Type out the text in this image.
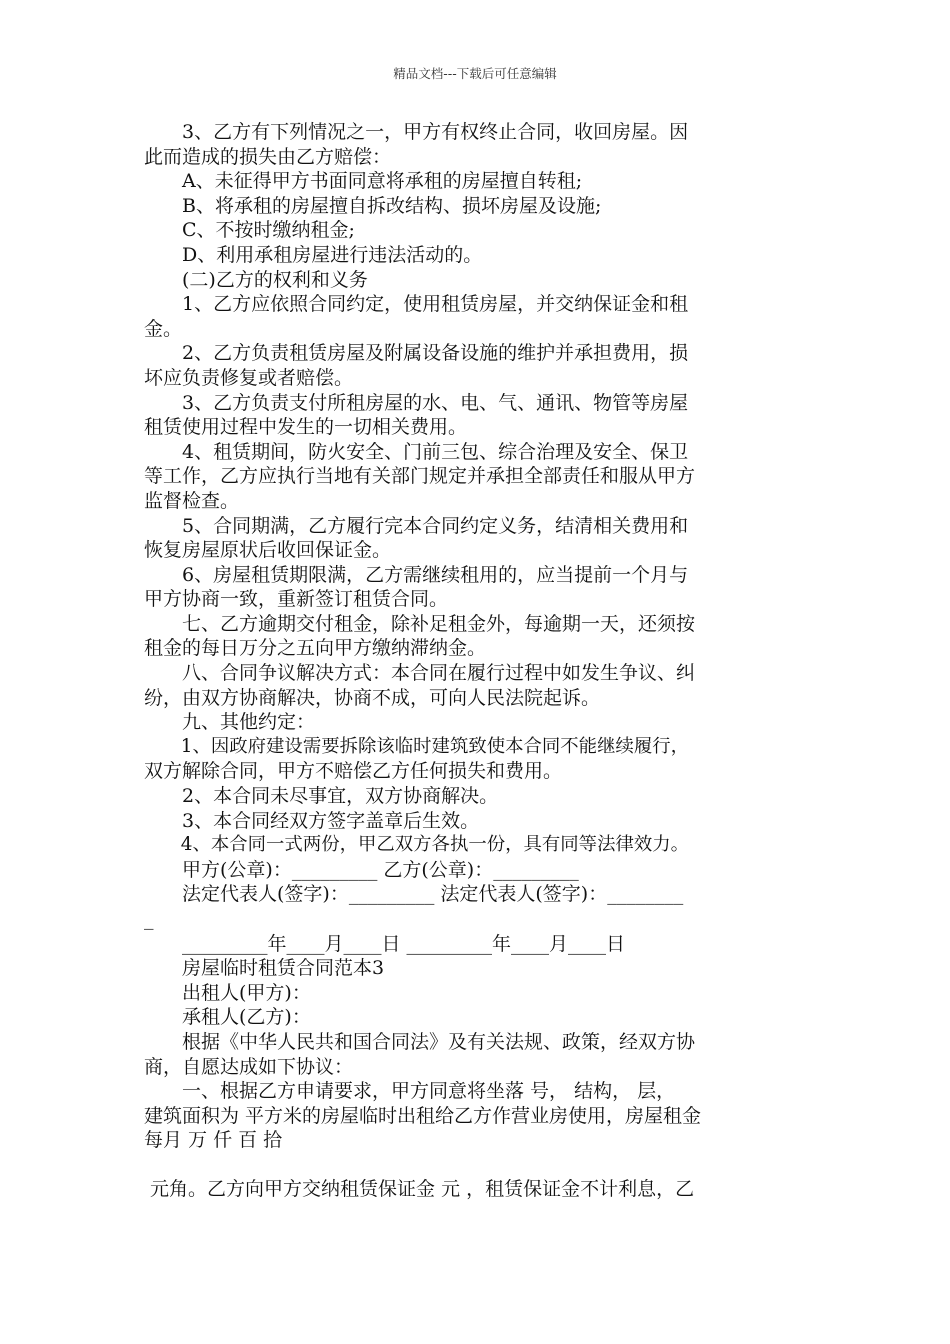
精品文档---下载后可任意编辑
　　3、乙方有下列情况之一，甲方有权终止合同，收回房屋。因
此而造成的损失由乙方赔偿：
　　A、未征得甲方书面同意将承租的房屋擅自转租;
　　B、将承租的房屋擅自拆改结构、损坏房屋及设施;
　　C、不按时缴纳租金;
　　D、利用承租房屋进行违法活动的。
　　(二)乙方的权利和义务
　　1、乙方应依照合同约定，使用租赁房屋，并交纳保证金和租
金。
　　2、乙方负责租赁房屋及附属设备设施的维护并承担费用，损
坏应负责修复或者赔偿。
　　3、乙方负责支付所租房屋的水、电、气、通讯、物管等房屋
租赁使用过程中发生的一切相关费用。
　　4、租赁期间，防火安全、门前三包、综合治理及安全、保卫
等工作，乙方应执行当地有关部门规定并承担全部责任和服从甲方
监督检查。
　　5、合同期满，乙方履行完本合同约定义务，结清相关费用和
恢复房屋原状后收回保证金。
　　6、房屋租赁期限满，乙方需继续租用的，应当提前一个月与
甲方协商一致，重新签订租赁合同。
　　七、乙方逾期交付租金，除补足租金外，每逾期一天，还须按
租金的每日万分之五向甲方缴纳滞纳金。
　　八、合同争议解决方式：本合同在履行过程中如发生争议、纠
纷，由双方协商解决，协商不成，可向人民法院起诉。
　　九、其他约定：
　　1、因政府建设需要拆除该临时建筑致使本合同不能继续履行，
双方解除合同，甲方不赔偿乙方任何损失和费用。
　　2、本合同未尽事宜，双方协商解决。
　　3、本合同经双方签字盖章后生效。
　　4、本合同一式两份，甲乙双方各执一份，具有同等法律效力。
　　甲方(公章)：_________ 乙方(公章)：_________
　　法定代表人(签字)：_________ 法定代表人(签字)：________
_
　　_________年____月____日 _________年____月____日
　　房屋临时租赁合同范本3
　　出租人(甲方)：
　　承租人(乙方)：
　　根据《中华人民共和国合同法》及有关法规、政策，经双方协
商，自愿达成如下协议：
　　一、根据乙方申请要求，甲方同意将坐落 号， 结构， 层，
建筑面积为 平方米的房屋临时出租给乙方作营业房使用，房屋租金
每月 万 仟 百 拾
元角。乙方向甲方交纳租赁保证金 元 ，租赁保证金不计利息，乙
